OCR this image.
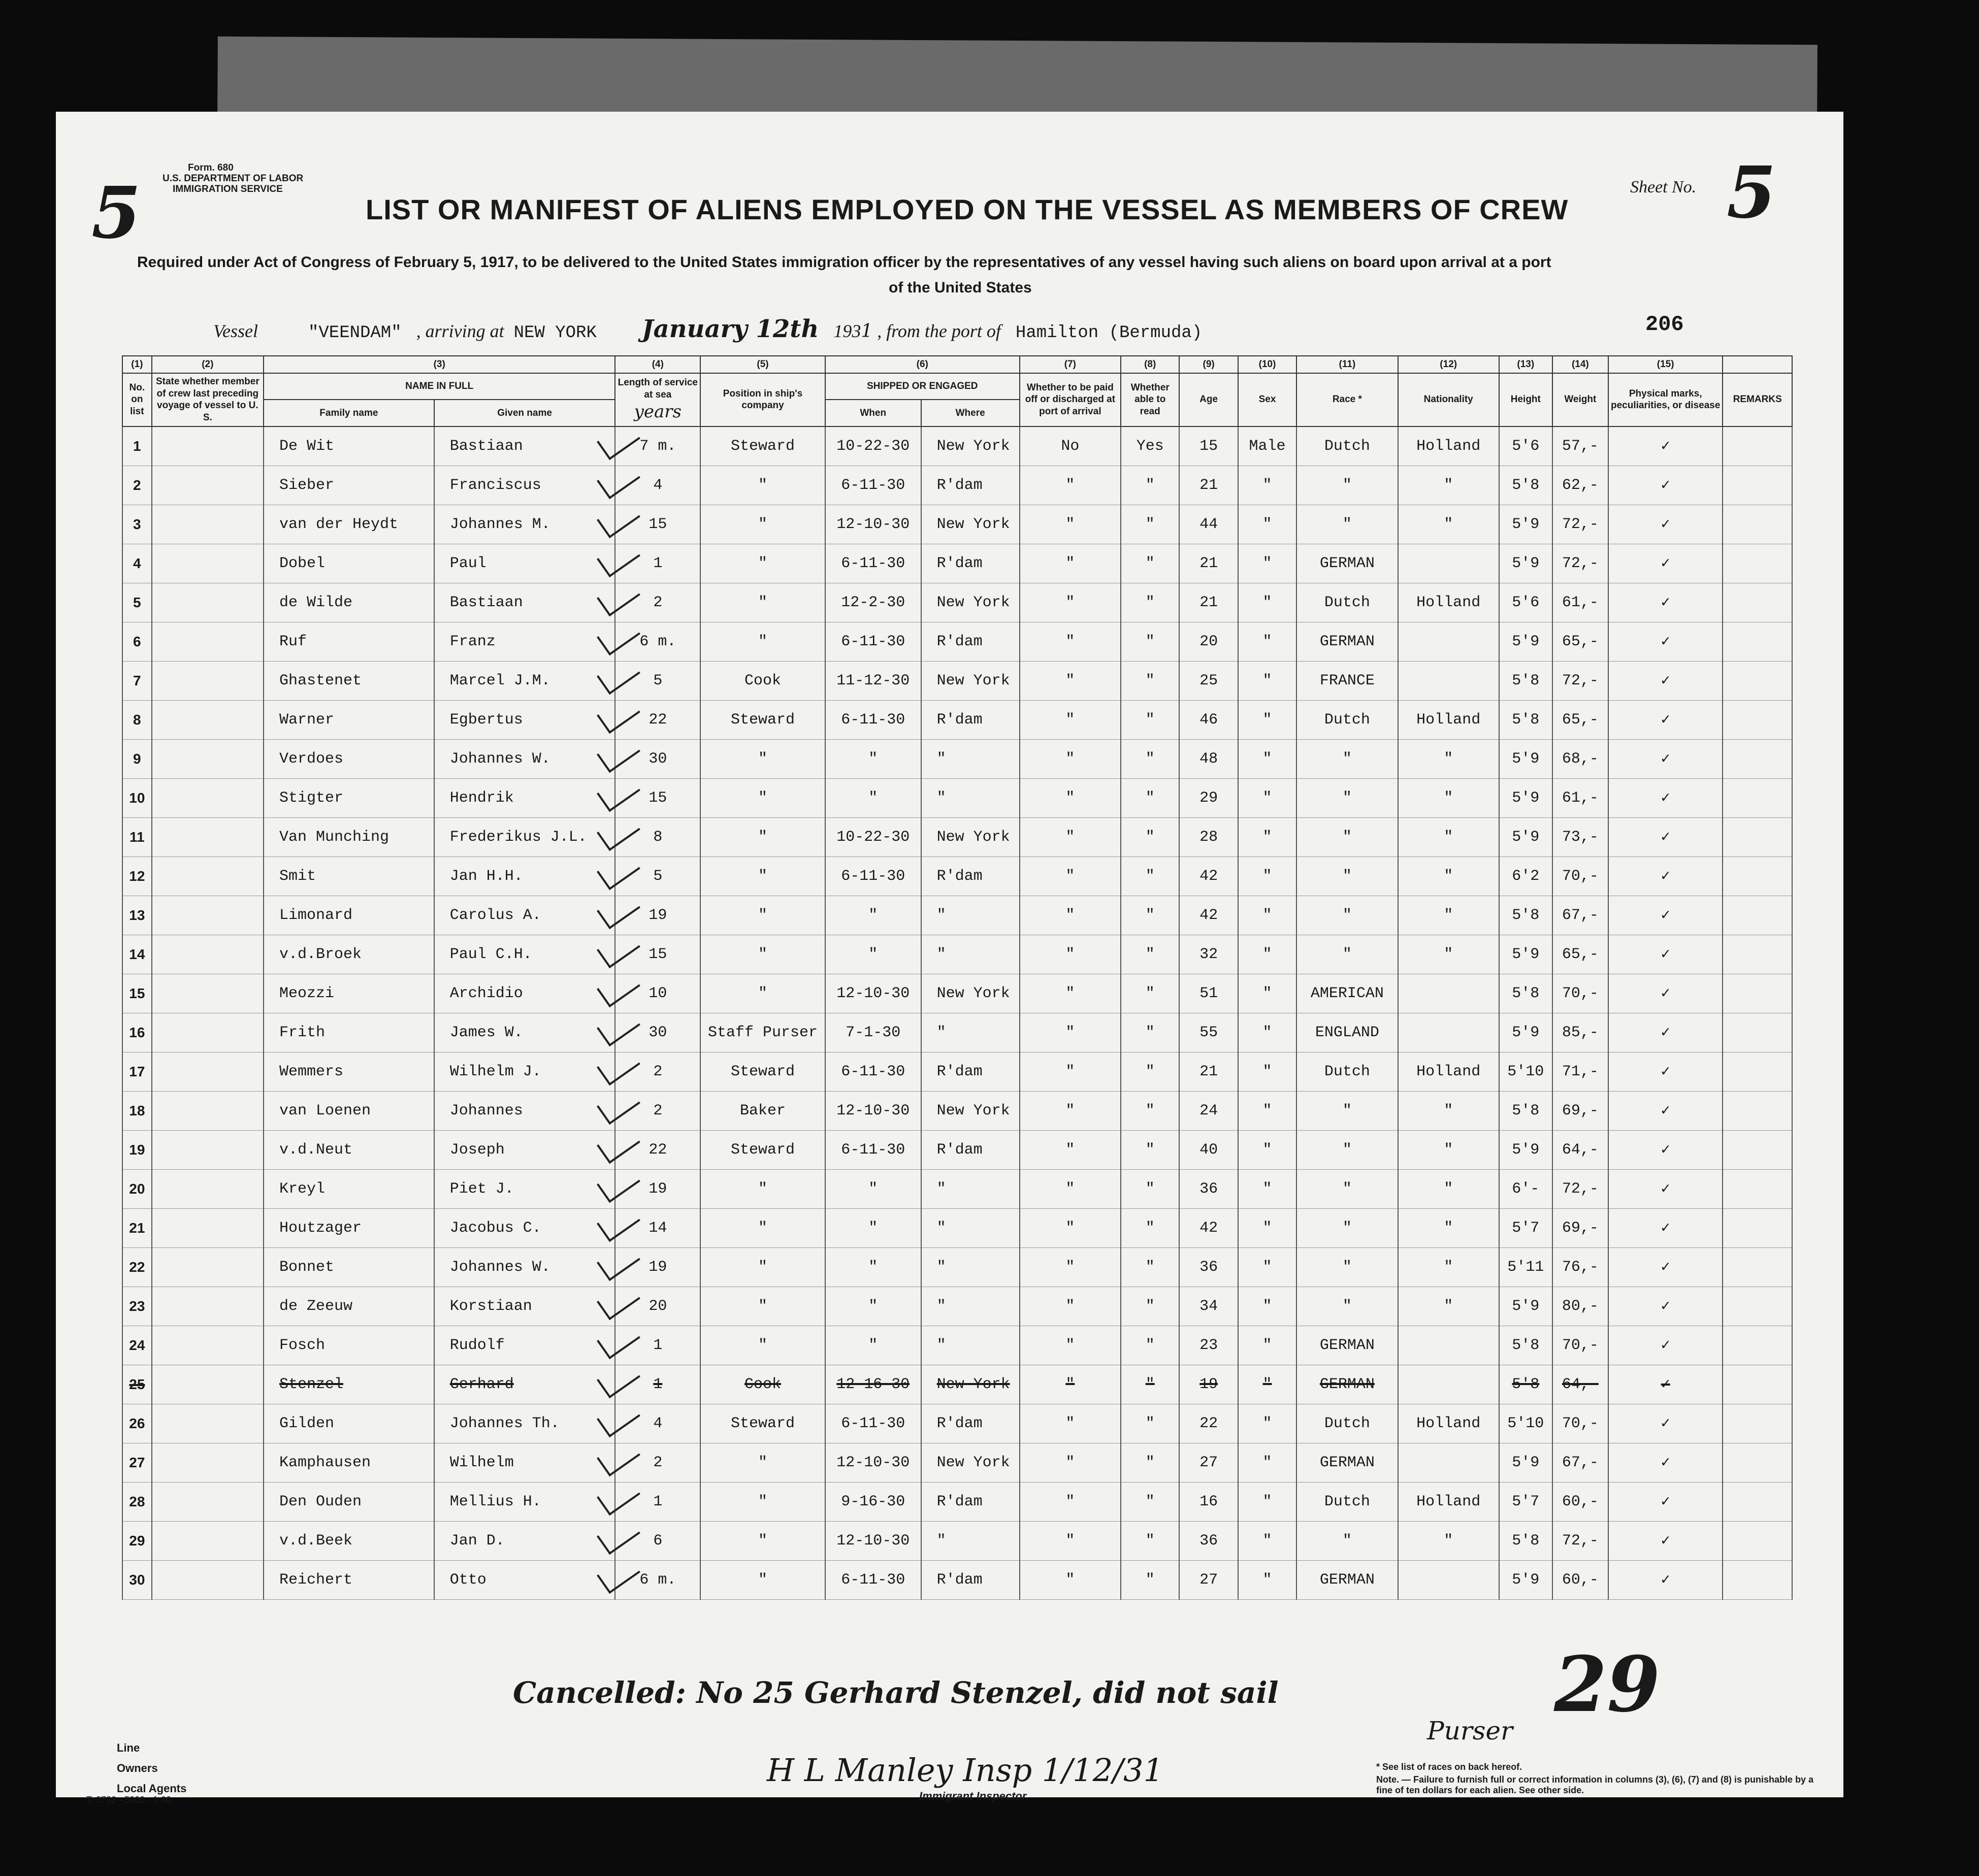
Form. 680
U.S. DEPARTMENT OF LABOR
IMMIGRATION SERVICE
5	LIST OR MANIFEST OF ALIENS EMPLOYED ON THE VESSEL AS MEMBERS OF CREW
Sheet No. 5
Required under Act of Congress of February 5, 1917, to be delivered to the United States immigration officer by the representatives of any vessel having such aliens on board upon arrival at a port
of the United States
Vessel	"VEENDAM" , arriving at NEW YORK January 12th 1931 , from the port of Hamilton (Bermuda)	206
(1)	(2)	(3)		(4)	(5)	(6)		(7)	(8)	(9)	(10)	(11)	(12)	(13)	(14)	(15)	
No. on list	State whether member of crew last preceding voyage of vessel to U. S.	NAME IN FULL		Length of service at sea
years	Position in ship's company	SHIPPED OR ENGAGED		Whether to be paid off or discharged at port of arrival	Whether able to read	Age	Sex	Race *	Nationality	Height	Weight	Physical marks, peculiarities, or disease	REMARKS
		Family name	Given name			When	Where										
1		De Wit	Bastiaan	7 m.	Steward	10-22-30	New York	No	Yes	15	Male	Dutch	Holland	5'6	57,-	✓	
2		Sieber	Franciscus	4	"	6-11-30	R'dam	"	"	21	"	"	"	5'8	62,-	✓	
3		van der Heydt	Johannes M.	15	"	12-10-30	New York	"	"	44	"	"	"	5'9	72,-	✓	
4		Dobel	Paul	1	"	6-11-30	R'dam	"	"	21	"	GERMAN		5'9	72,-	✓	
5		de Wilde	Bastiaan	2	"	12-2-30	New York	"	"	21	"	Dutch	Holland	5'6	61,-	✓	
6		Ruf	Franz	6 m.	"	6-11-30	R'dam	"	"	20	"	GERMAN		5'9	65,-	✓	
7		Ghastenet	Marcel J.M.	5	Cook	11-12-30	New York	"	"	25	"	FRANCE		5'8	72,-	✓	
8		Warner	Egbertus	22	Steward	6-11-30	R'dam	"	"	46	"	Dutch	Holland	5'8	65,-	✓	
9		Verdoes	Johannes W.	30	"	"	"	"	"	48	"	"	"	5'9	68,-	✓	
10		Stigter	Hendrik	15	"	"	"	"	"	29	"	"	"	5'9	61,-	✓	
11		Van Munching	Frederikus J.L.	8	"	10-22-30	New York	"	"	28	"	"	"	5'9	73,-	✓	
12		Smit	Jan H.H.	5	"	6-11-30	R'dam	"	"	42	"	"	"	6'2	70,-	✓	
13		Limonard	Carolus A.	19	"	"	"	"	"	42	"	"	"	5'8	67,-	✓	
14		v.d.Broek	Paul C.H.	15	"	"	"	"	"	32	"	"	"	5'9	65,-	✓	
15		Meozzi	Archidio	10	"	12-10-30	New York	"	"	51	"	AMERICAN		5'8	70,-	✓	
16		Frith	James W.	30	Staff Purser	7-1-30	"	"	"	55	"	ENGLAND		5'9	85,-	✓	
17		Wemmers	Wilhelm J.	2	Steward	6-11-30	R'dam	"	"	21	"	Dutch	Holland	5'10	71,-	✓	
18		van Loenen	Johannes	2	Baker	12-10-30	New York	"	"	24	"	"	"	5'8	69,-	✓	
19		v.d.Neut	Joseph	22	Steward	6-11-30	R'dam	"	"	40	"	"	"	5'9	64,-	✓	
20		Kreyl	Piet J.	19	"	"	"	"	"	36	"	"	"	6'-	72,-	✓	
21		Houtzager	Jacobus C.	14	"	"	"	"	"	42	"	"	"	5'7	69,-	✓	
22		Bonnet	Johannes W.	19	"	"	"	"	"	36	"	"	"	5'11	76,-	✓	
23		de Zeeuw	Korstiaan	20	"	"	"	"	"	34	"	"	"	5'9	80,-	✓	
24		Fosch	Rudolf	1	"	"	"	"	"	23	"	GERMAN		5'8	70,-	✓	
25		Stenzel	Gerhard	1	Cook	12-16-30	New York	"	"	19	"	GERMAN		5'8	64,-	✓	
26		Gilden	Johannes Th.	4	Steward	6-11-30	R'dam	"	"	22	"	Dutch	Holland	5'10	70,-	✓	
27		Kamphausen	Wilhelm	2	"	12-10-30	New York	"	"	27	"	GERMAN		5'9	67,-	✓	
28		Den Ouden	Mellius H.	1	"	9-16-30	R'dam	"	"	16	"	Dutch	Holland	5'7	60,-	✓	
29		v.d.Beek	Jan D.	6	"	12-10-30	"	"	"	36	"	"	"	5'8	72,-	✓	
30		Reichert	Otto	6 m.	"	6-11-30	R'dam	"	"	27	"	GERMAN		5'9	60,-	✓	
Cancelled: No 25 Gerhard Stenzel, did not sail
Purser
29
H L Manley Insp 1/12/31
Immigrant Inspector.
Line
Owners
Local Agents
T. 3732 - 5000 - 1-30.
* See list of races on back hereof.
Note. — Failure to furnish full or correct information in columns (3), (6), (7) and (8) is punishable by a fine of ten dollars for each alien. See other side.
